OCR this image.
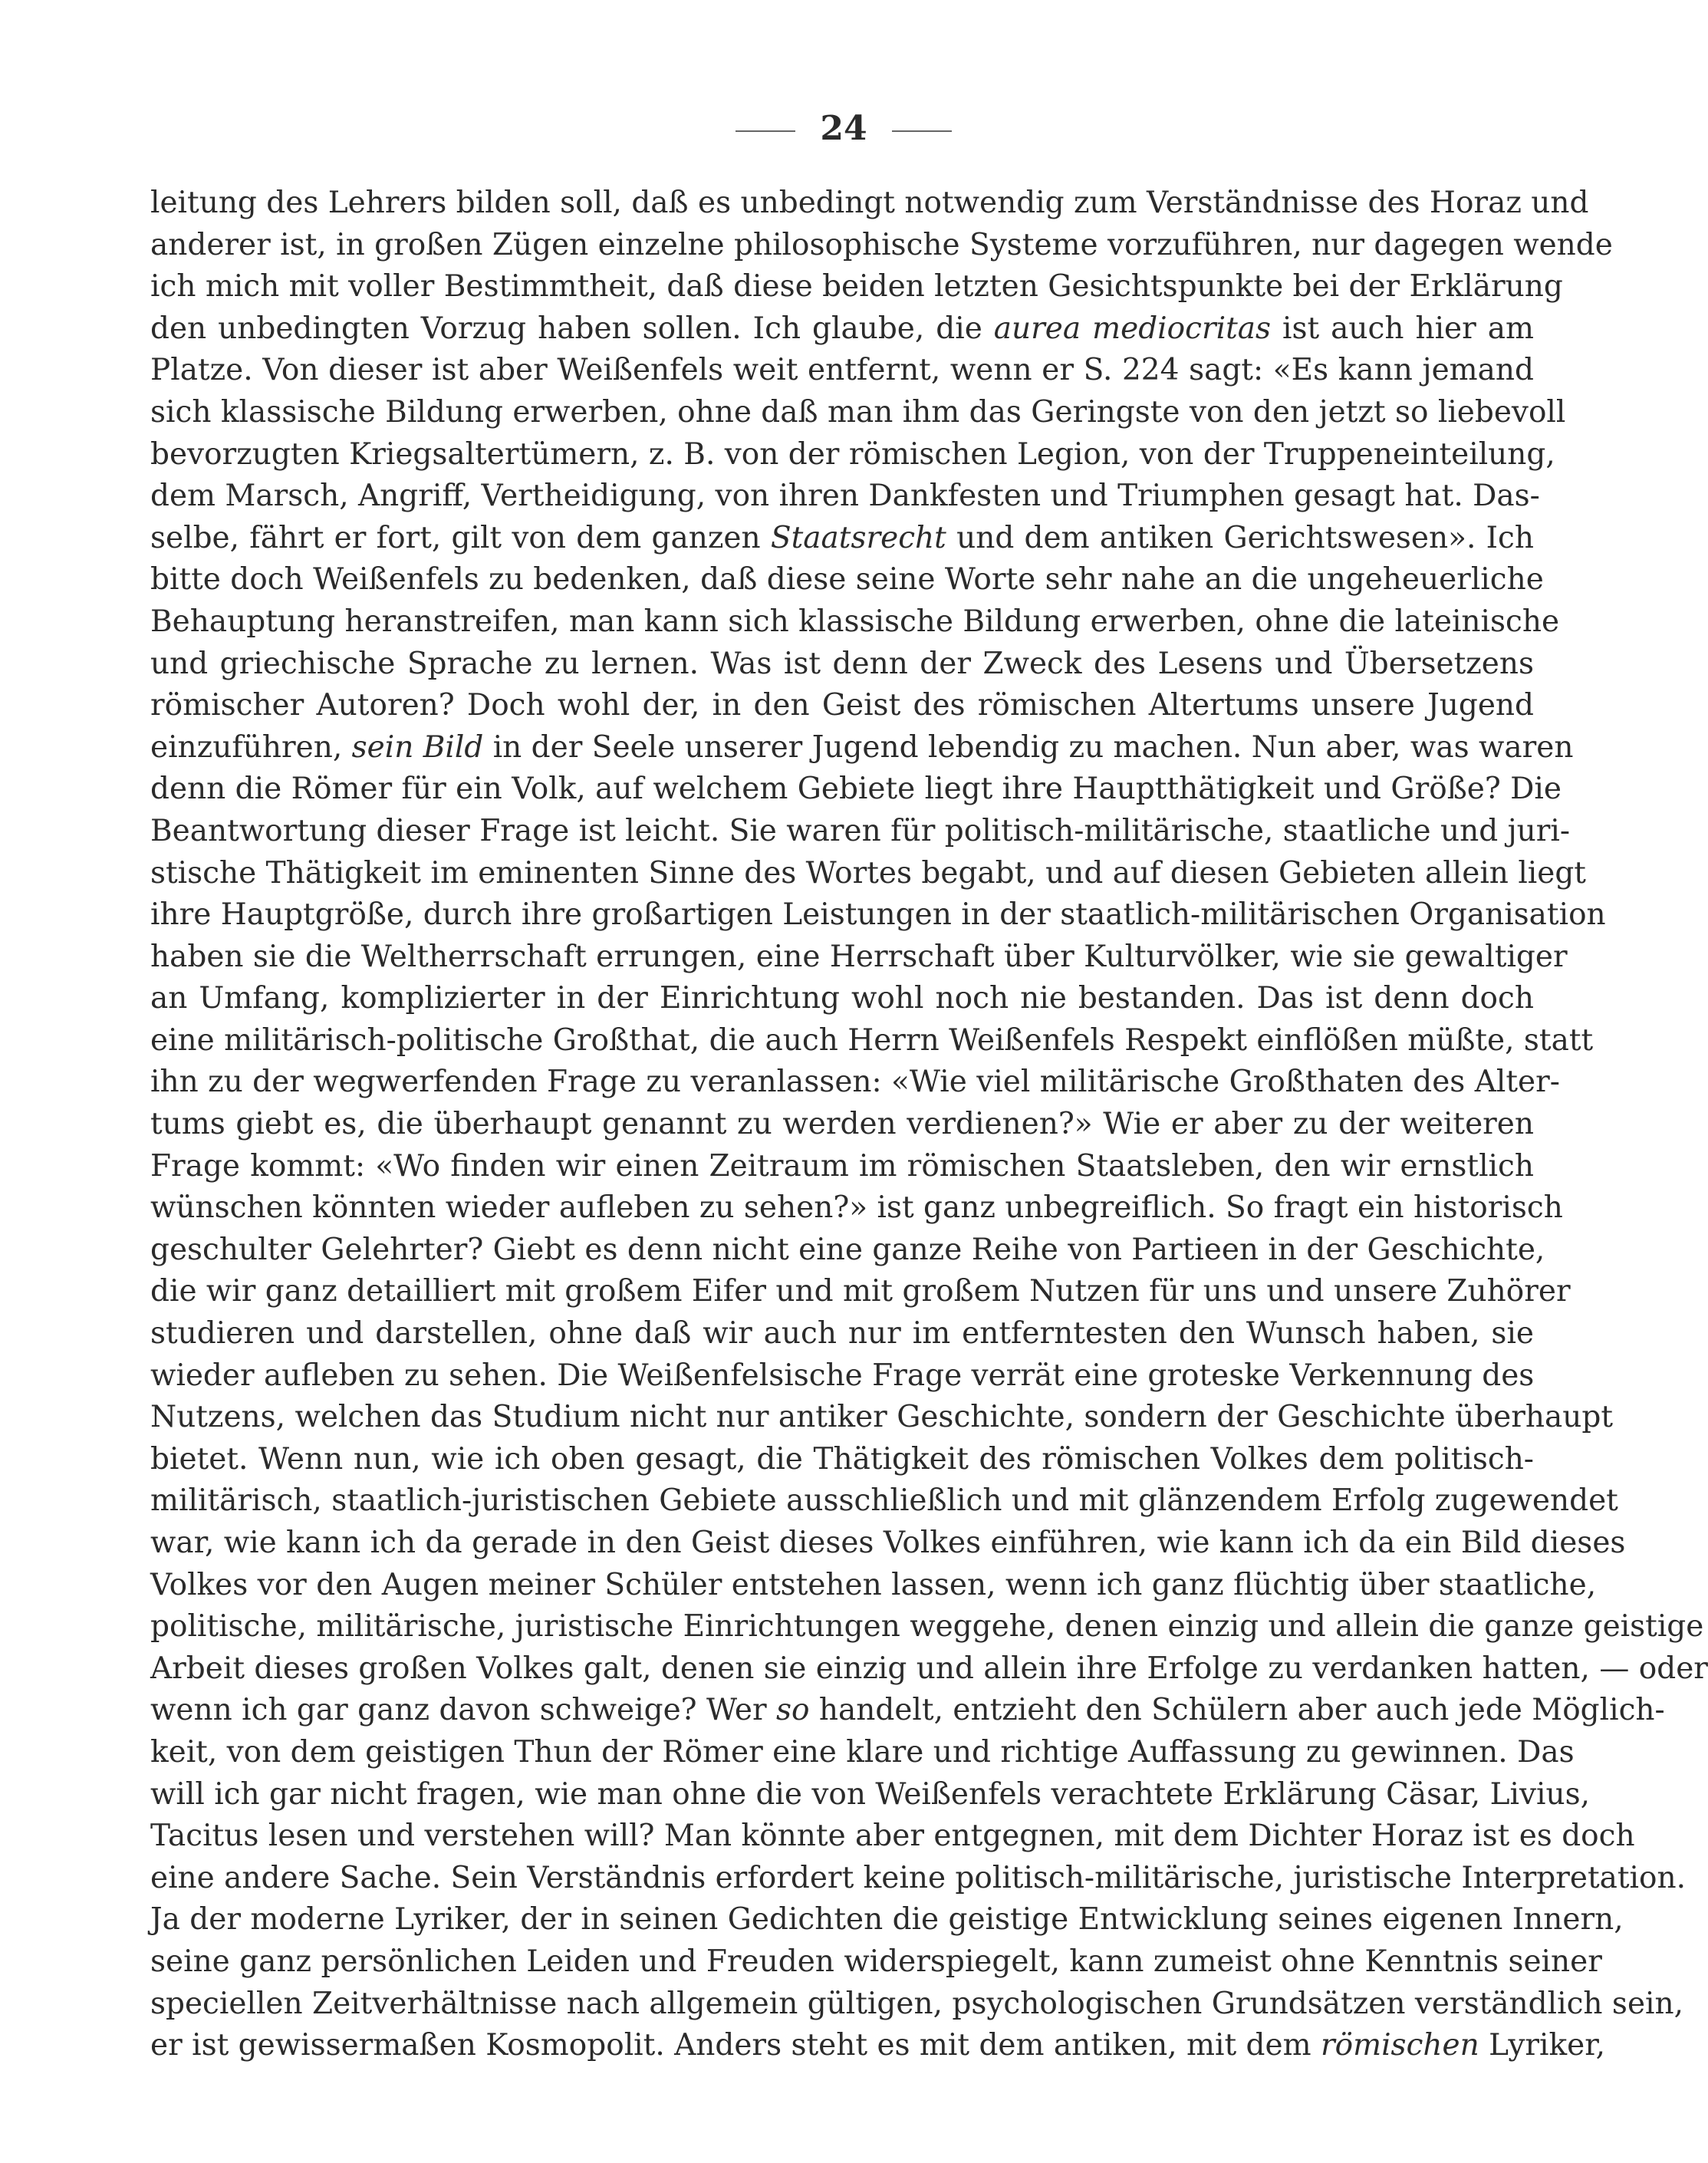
24
leitung des Lehrers bilden soll, daß es unbedingt notwendig zum Verständnisse des Horaz und
anderer ist, in großen Zügen einzelne philosophische Systeme vorzuführen, nur dagegen wende
ich mich mit voller Bestimmtheit, daß diese beiden letzten Gesichtspunkte bei der Erklärung
den unbedingten Vorzug haben sollen. Ich glaube, die aurea mediocritas ist auch hier am
Platze. Von dieser ist aber Weißenfels weit entfernt, wenn er S. 224 sagt: «Es kann jemand
sich klassische Bildung erwerben, ohne daß man ihm das Geringste von den jetzt so liebevoll
bevorzugten Kriegsaltertümern, z. B. von der römischen Legion, von der Truppeneinteilung,
dem Marsch, Angriff, Vertheidigung, von ihren Dankfesten und Triumphen gesagt hat. Das-
selbe, fährt er fort, gilt von dem ganzen Staatsrecht und dem antiken Gerichtswesen». Ich
bitte doch Weißenfels zu bedenken, daß diese seine Worte sehr nahe an die ungeheuerliche
Behauptung heranstreifen, man kann sich klassische Bildung erwerben, ohne die lateinische
und griechische Sprache zu lernen. Was ist denn der Zweck des Lesens und Übersetzens
römischer Autoren? Doch wohl der, in den Geist des römischen Altertums unsere Jugend
einzuführen, sein Bild in der Seele unserer Jugend lebendig zu machen. Nun aber, was waren
denn die Römer für ein Volk, auf welchem Gebiete liegt ihre Hauptthätigkeit und Größe? Die
Beantwortung dieser Frage ist leicht. Sie waren für politisch-militärische, staatliche und juri-
stische Thätigkeit im eminenten Sinne des Wortes begabt, und auf diesen Gebieten allein liegt
ihre Hauptgröße, durch ihre großartigen Leistungen in der staatlich-militärischen Organisation
haben sie die Weltherrschaft errungen, eine Herrschaft über Kulturvölker, wie sie gewaltiger
an Umfang, komplizierter in der Einrichtung wohl noch nie bestanden. Das ist denn doch
eine militärisch-politische Großthat, die auch Herrn Weißenfels Respekt einflößen müßte, statt
ihn zu der wegwerfenden Frage zu veranlassen: «Wie viel militärische Großthaten des Alter-
tums giebt es, die überhaupt genannt zu werden verdienen?» Wie er aber zu der weiteren
Frage kommt: «Wo finden wir einen Zeitraum im römischen Staatsleben, den wir ernstlich
wünschen könnten wieder aufleben zu sehen?» ist ganz unbegreiflich. So fragt ein historisch
geschulter Gelehrter? Giebt es denn nicht eine ganze Reihe von Partieen in der Geschichte,
die wir ganz detailliert mit großem Eifer und mit großem Nutzen für uns und unsere Zuhörer
studieren und darstellen, ohne daß wir auch nur im entferntesten den Wunsch haben, sie
wieder aufleben zu sehen. Die Weißenfelsische Frage verrät eine groteske Verkennung des
Nutzens, welchen das Studium nicht nur antiker Geschichte, sondern der Geschichte überhaupt
bietet. Wenn nun, wie ich oben gesagt, die Thätigkeit des römischen Volkes dem politisch-
militärisch, staatlich-juristischen Gebiete ausschließlich und mit glänzendem Erfolg zugewendet
war, wie kann ich da gerade in den Geist dieses Volkes einführen, wie kann ich da ein Bild dieses
Volkes vor den Augen meiner Schüler entstehen lassen, wenn ich ganz flüchtig über staatliche,
politische, militärische, juristische Einrichtungen weggehe, denen einzig und allein die ganze geistige
Arbeit dieses großen Volkes galt, denen sie einzig und allein ihre Erfolge zu verdanken hatten, — oder
wenn ich gar ganz davon schweige? Wer so handelt, entzieht den Schülern aber auch jede Möglich-
keit, von dem geistigen Thun der Römer eine klare und richtige Auffassung zu gewinnen. Das
will ich gar nicht fragen, wie man ohne die von Weißenfels verachtete Erklärung Cäsar, Livius,
Tacitus lesen und verstehen will? Man könnte aber entgegnen, mit dem Dichter Horaz ist es doch
eine andere Sache. Sein Verständnis erfordert keine politisch-militärische, juristische Interpretation.
Ja der moderne Lyriker, der in seinen Gedichten die geistige Entwicklung seines eigenen Innern,
seine ganz persönlichen Leiden und Freuden widerspiegelt, kann zumeist ohne Kenntnis seiner
speciellen Zeitverhältnisse nach allgemein gültigen, psychologischen Grundsätzen verständlich sein,
er ist gewissermaßen Kosmopolit. Anders steht es mit dem antiken, mit dem römischen Lyriker,
